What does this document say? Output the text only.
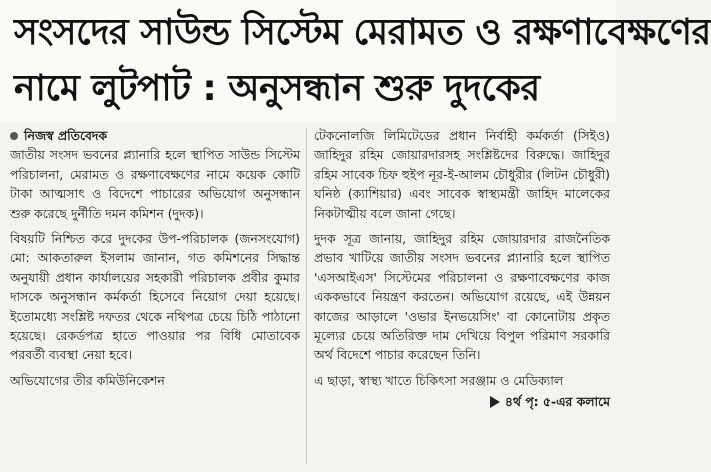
সংসদের সাউন্ড সিস্টেম মেরামত ও রক্ষণাবেক্ষণের
নামে লুটপাট : অনুসন্ধান শুরু দুদকের
নিজস্ব প্রতিবেদক

জাতীয় সংসদ ভবনের প্ল্যানারি হলে স্থাপিত সাউন্ড সিস্টেম পরিচালনা, মেরামত ও রক্ষণাবেক্ষণের নামে কয়েক কোটি টাকা আত্মসাৎ ও বিদেশে পাচারের অভিযোগ অনুসন্ধান শুরু করেছে দুর্নীতি দমন কমিশন (দুদক)।

বিষয়টি নিশ্চিত করে দুদকের উপ-পরিচালক (জনসংযোগ) মো: আকতারুল ইসলাম জানান, গত কমিশনের সিদ্ধান্ত অনুযায়ী প্রধান কার্যালয়ের সহকারী পরিচালক প্রবীর কুমার দাসকে অনুসন্ধান কর্মকর্তা হিসেবে নিয়োগ দেয়া হয়েছে। ইতোমধ্যে সংশ্লিষ্ট দফতর থেকে নথিপত্র চেয়ে চিঠি পাঠানো হয়েছে। রেকর্ডপত্র হাতে পাওয়ার পর বিধি মোতাবেক পরবর্তী ব্যবস্থা নেয়া হবে।

অভিযোগের তীর কমিউনিকেশন

টেকনোলজি লিমিটেডের প্রধান নির্বাহী কর্মকর্তা (সিইও) জাহিদুর রহিম জোয়ারদারসহ সংশ্লিষ্টদের বিরুদ্ধে। জাহিদুর রহিম সাবেক চিফ হুইপ নূর-ই-আলম চৌধুরীর (লিটন চৌধুরী) ঘনিষ্ঠ (ক্যাশিয়ার) এবং সাবেক স্বাস্থ্যমন্ত্রী জাহিদ মালেকের নিকটাত্মীয় বলে জানা গেছে।

দুদক সূত্র জানায়, জাহিদুর রহিম জোয়ারদার রাজনৈতিক প্রভাব খাটিয়ে জাতীয় সংসদ ভবনের প্ল্যানারি হলে স্থাপিত 'এসআইএস' সিস্টেমের পরিচালনা ও রক্ষণাবেক্ষণের কাজ এককভাবে নিয়ন্ত্রণ করতেন। অভিযোগ রয়েছে, এই উন্নয়ন কাজের আড়ালে 'ওভার ইনভয়েসিং' বা কোনোটায় প্রকৃত মূল্যের চেয়ে অতিরিক্ত দাম দেখিয়ে বিপুল পরিমাণ সরকারি অর্থ বিদেশে পাচার করেছেন তিনি।

এ ছাড়া, স্বাস্থ্য খাতে চিকিৎসা সরঞ্জাম ও মেডিক্যাল

৪র্থ পৃ: ৫-এর কলামে
